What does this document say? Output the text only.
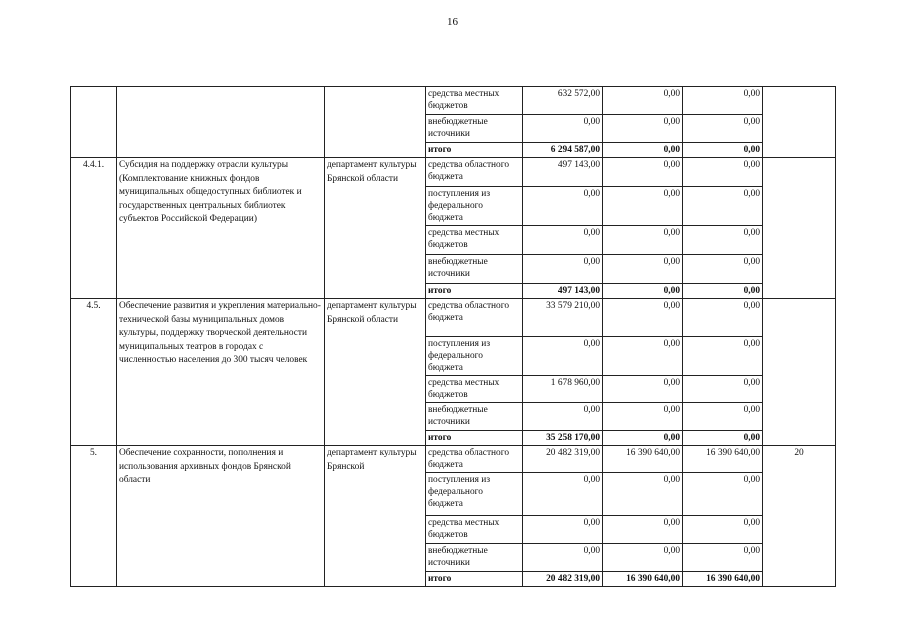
16
			средства местных бюджетов	632 572,00	0,00	0,00	
			внебюджетные источники	0,00	0,00	0,00	
			итого	6 294 587,00	0,00	0,00	
4.4.1.	Субсидия на поддержку отрасли культуры (Комплектование книжных фондов муниципальных общедоступных библиотек и государственных центральных библиотек субъектов Российской Федерации)	департамент культуры Брянской области	средства областного бюджета	497 143,00	0,00	0,00	
			поступления из федерального бюджета	0,00	0,00	0,00	
			средства местных бюджетов	0,00	0,00	0,00	
			внебюджетные источники	0,00	0,00	0,00	
			итого	497 143,00	0,00	0,00	
4.5.	Обеспечение развития и укрепления материально-технической базы муниципальных домов культуры, поддержку творческой деятельности муниципальных театров в городах с численностью населения до 300 тысяч человек	департамент культуры Брянской области	средства областного бюджета	33 579 210,00	0,00	0,00	
			поступления из федерального бюджета	0,00	0,00	0,00	
			средства местных бюджетов	1 678 960,00	0,00	0,00	
			внебюджетные источники	0,00	0,00	0,00	
			итого	35 258 170,00	0,00	0,00	
5.	Обеспечение сохранности, пополнения и использования архивных фондов Брянской области	департамент культуры Брянской	средства областного бюджета	20 482 319,00	16 390 640,00	16 390 640,00	20
			поступления из федерального бюджета	0,00	0,00	0,00	
			средства местных бюджетов	0,00	0,00	0,00	
			внебюджетные источники	0,00	0,00	0,00	
			итого	20 482 319,00	16 390 640,00	16 390 640,00	
